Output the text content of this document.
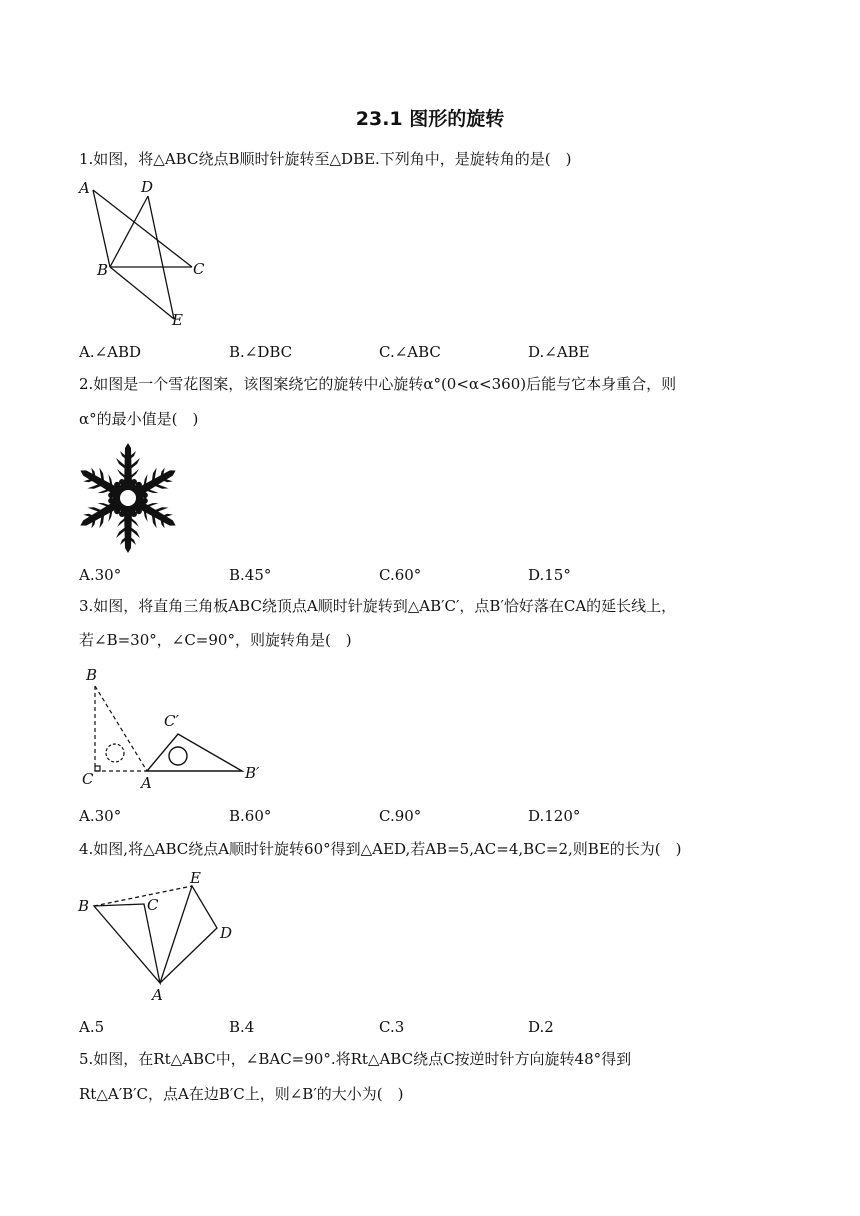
23.1 图形的旋转
1.如图，将△ABC绕点B顺时针旋转至△DBE.下列角中，是旋转角的是(　)
A	D
B	C
E
A.∠ABD	B.∠DBC	C.∠ABC	D.∠ABE
2.如图是一个雪花图案，该图案绕它的旋转中心旋转α°(0<α<360)后能与它本身重合，则
α°的最小值是(　)
A.30°	B.45°	C.60°	D.15°
3.如图，将直角三角板ABC绕顶点A顺时针旋转到△AB′C′，点B′恰好落在CA的延长线上，
若∠B=30°，∠C=90°，则旋转角是(　)
B
C′
C	A
B′
A.30°	B.60°	C.90°	D.120°
4.如图,将△ABC绕点A顺时针旋转60°得到△AED,若AB=5,AC=4,BC=2,则BE的长为(　)
E
B	C
D
A
A.5	B.4	C.3	D.2
5.如图，在Rt△ABC中，∠BAC=90°.将Rt△ABC绕点C按逆时针方向旋转48°得到
Rt△A′B′C，点A在边B′C上，则∠B′的大小为(　)
